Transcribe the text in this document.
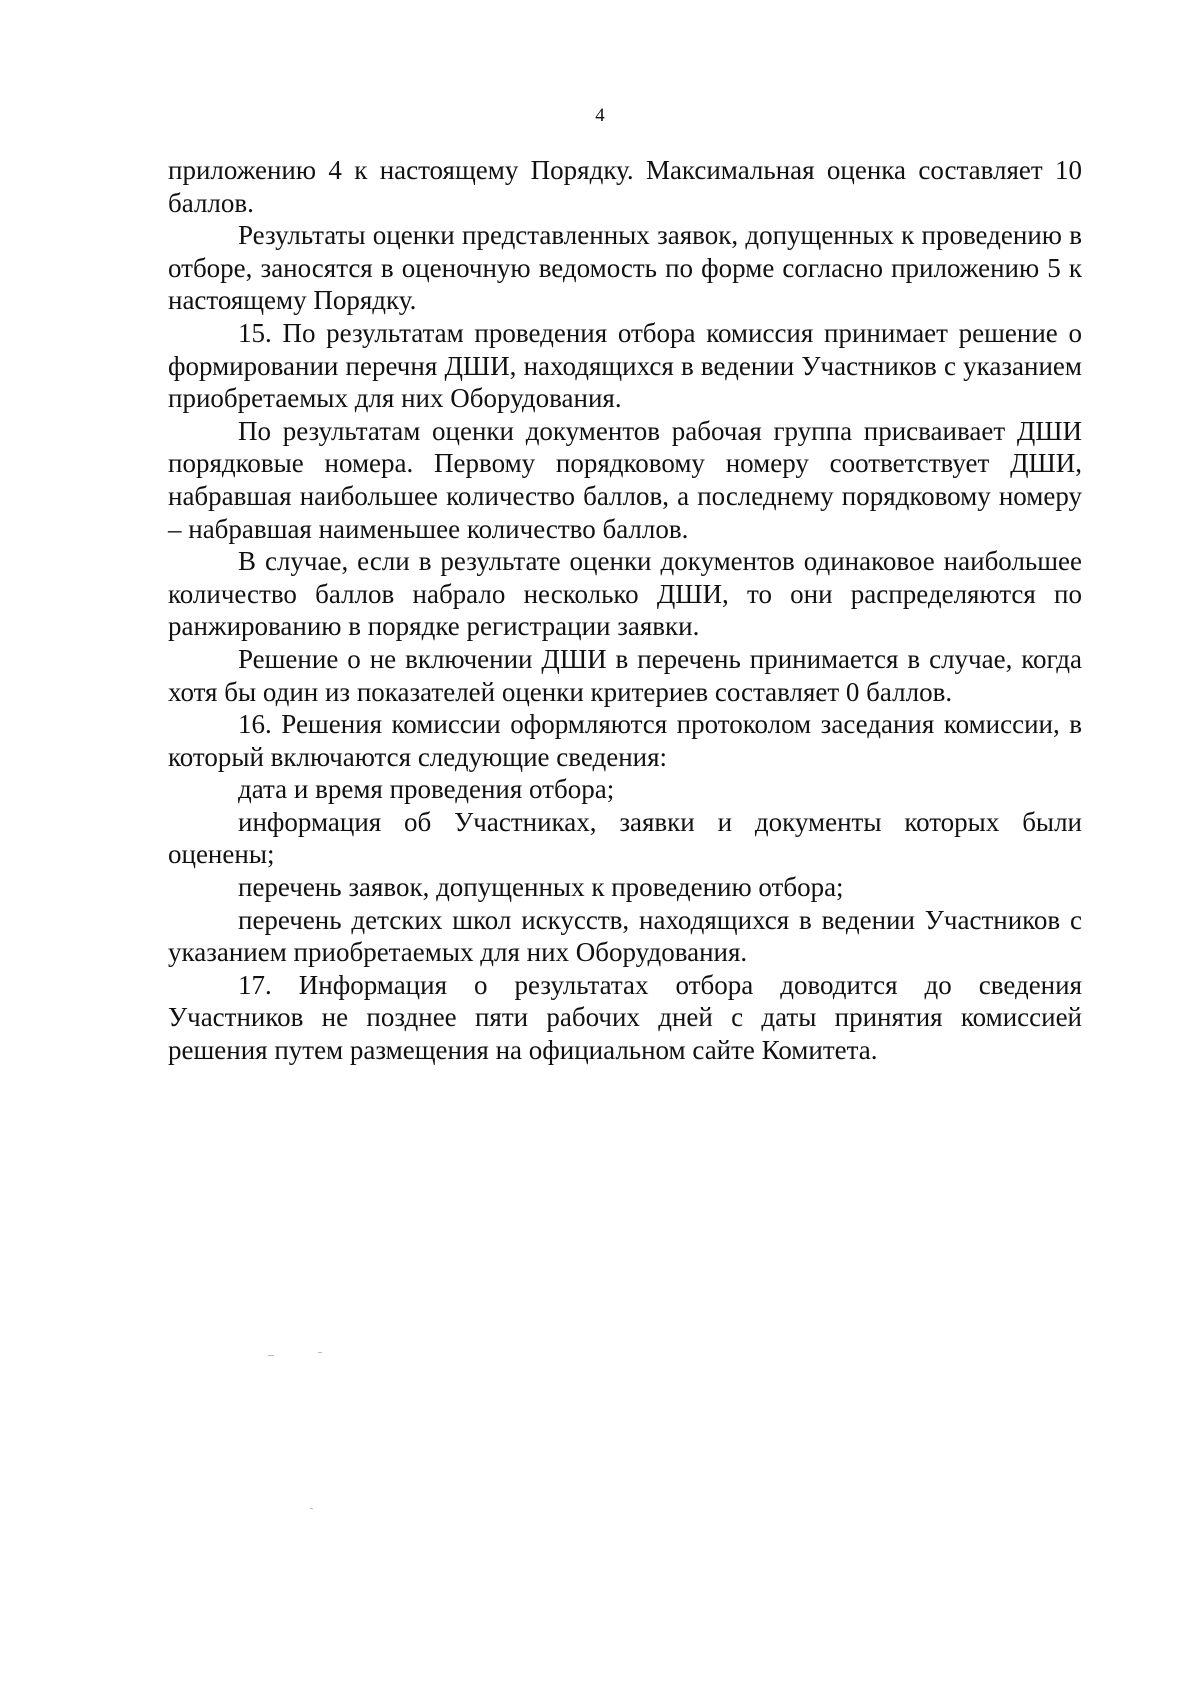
4

приложению 4 к настоящему Порядку. Максимальная оценка составляет 10 баллов.

Результаты оценки представленных заявок, допущенных к проведению в отборе, заносятся в оценочную ведомость по форме согласно приложению 5 к настоящему Порядку.

15. По результатам проведения отбора комиссия принимает решение о формировании перечня ДШИ, находящихся в ведении Участников с указанием приобретаемых для них Оборудования.

По результатам оценки документов рабочая группа присваивает ДШИ порядковые номера. Первому порядковому номеру соответствует ДШИ, набравшая наибольшее количество баллов, а последнему порядковому номеру – набравшая наименьшее количество баллов.

В случае, если в результате оценки документов одинаковое наибольшее количество баллов набрало несколько ДШИ, то они распределяются по ранжированию в порядке регистрации заявки.

Решение о не включении ДШИ в перечень принимается в случае, когда хотя бы один из показателей оценки критериев составляет 0 баллов.

16. Решения комиссии оформляются протоколом заседания комиссии, в который включаются следующие сведения:

дата и время проведения отбора;

информация об Участниках, заявки и документы которых были оценены;

перечень заявок, допущенных к проведению отбора;

перечень детских школ искусств, находящихся в ведении Участников с указанием приобретаемых для них Оборудования.

17. Информация о результатах отбора доводится до сведения Участников не позднее пяти рабочих дней с даты принятия комиссией решения путем размещения на официальном сайте Комитета.
